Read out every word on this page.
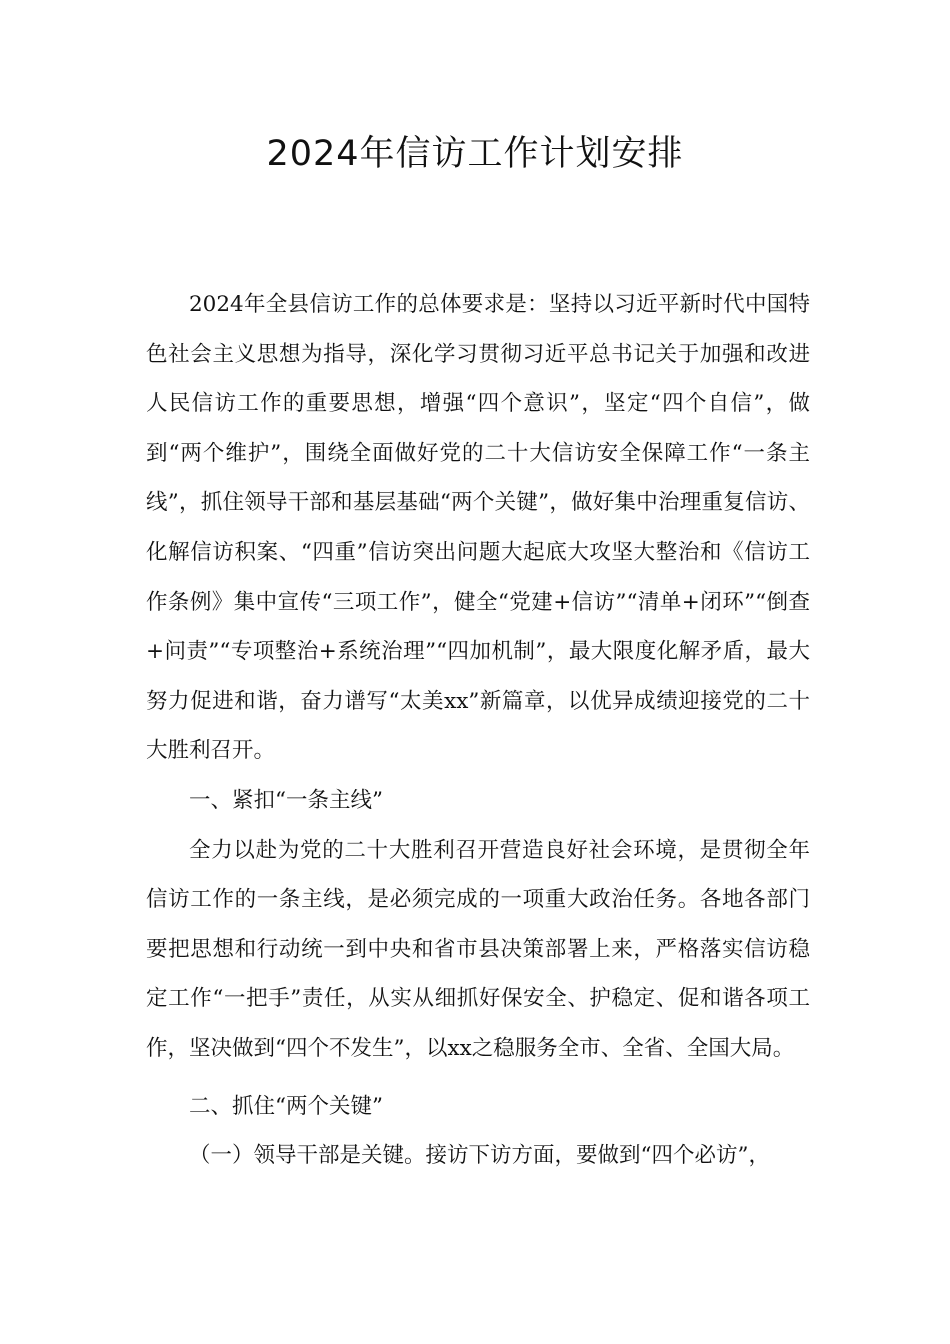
2024年信访工作计划安排

2024年全县信访工作的总体要求是：坚持以习近平新时代中国特色社会主义思想为指导，深化学习贯彻习近平总书记关于加强和改进人民信访工作的重要思想，增强“四个意识”，坚定“四个自信”，做到“两个维护”，围绕全面做好党的二十大信访安全保障工作“一条主线”，抓住领导干部和基层基础“两个关键”，做好集中治理重复信访、化解信访积案、“四重”信访突出问题大起底大攻坚大整治和《信访工作条例》集中宣传“三项工作”，健全“党建+信访”“清单+闭环”“倒查+问责”“专项整治+系统治理”“四加机制”，最大限度化解矛盾，最大努力促进和谐，奋力谱写“太美xx”新篇章，以优异成绩迎接党的二十大胜利召开。

一、紧扣“一条主线”

全力以赴为党的二十大胜利召开营造良好社会环境，是贯彻全年信访工作的一条主线，是必须完成的一项重大政治任务。各地各部门要把思想和行动统一到中央和省市县决策部署上来，严格落实信访稳定工作“一把手”责任，从实从细抓好保安全、护稳定、促和谐各项工作，坚决做到“四个不发生”，以xx之稳服务全市、全省、全国大局。

二、抓住“两个关键”

（一）领导干部是关键。接访下访方面，要做到“四个必访”，
